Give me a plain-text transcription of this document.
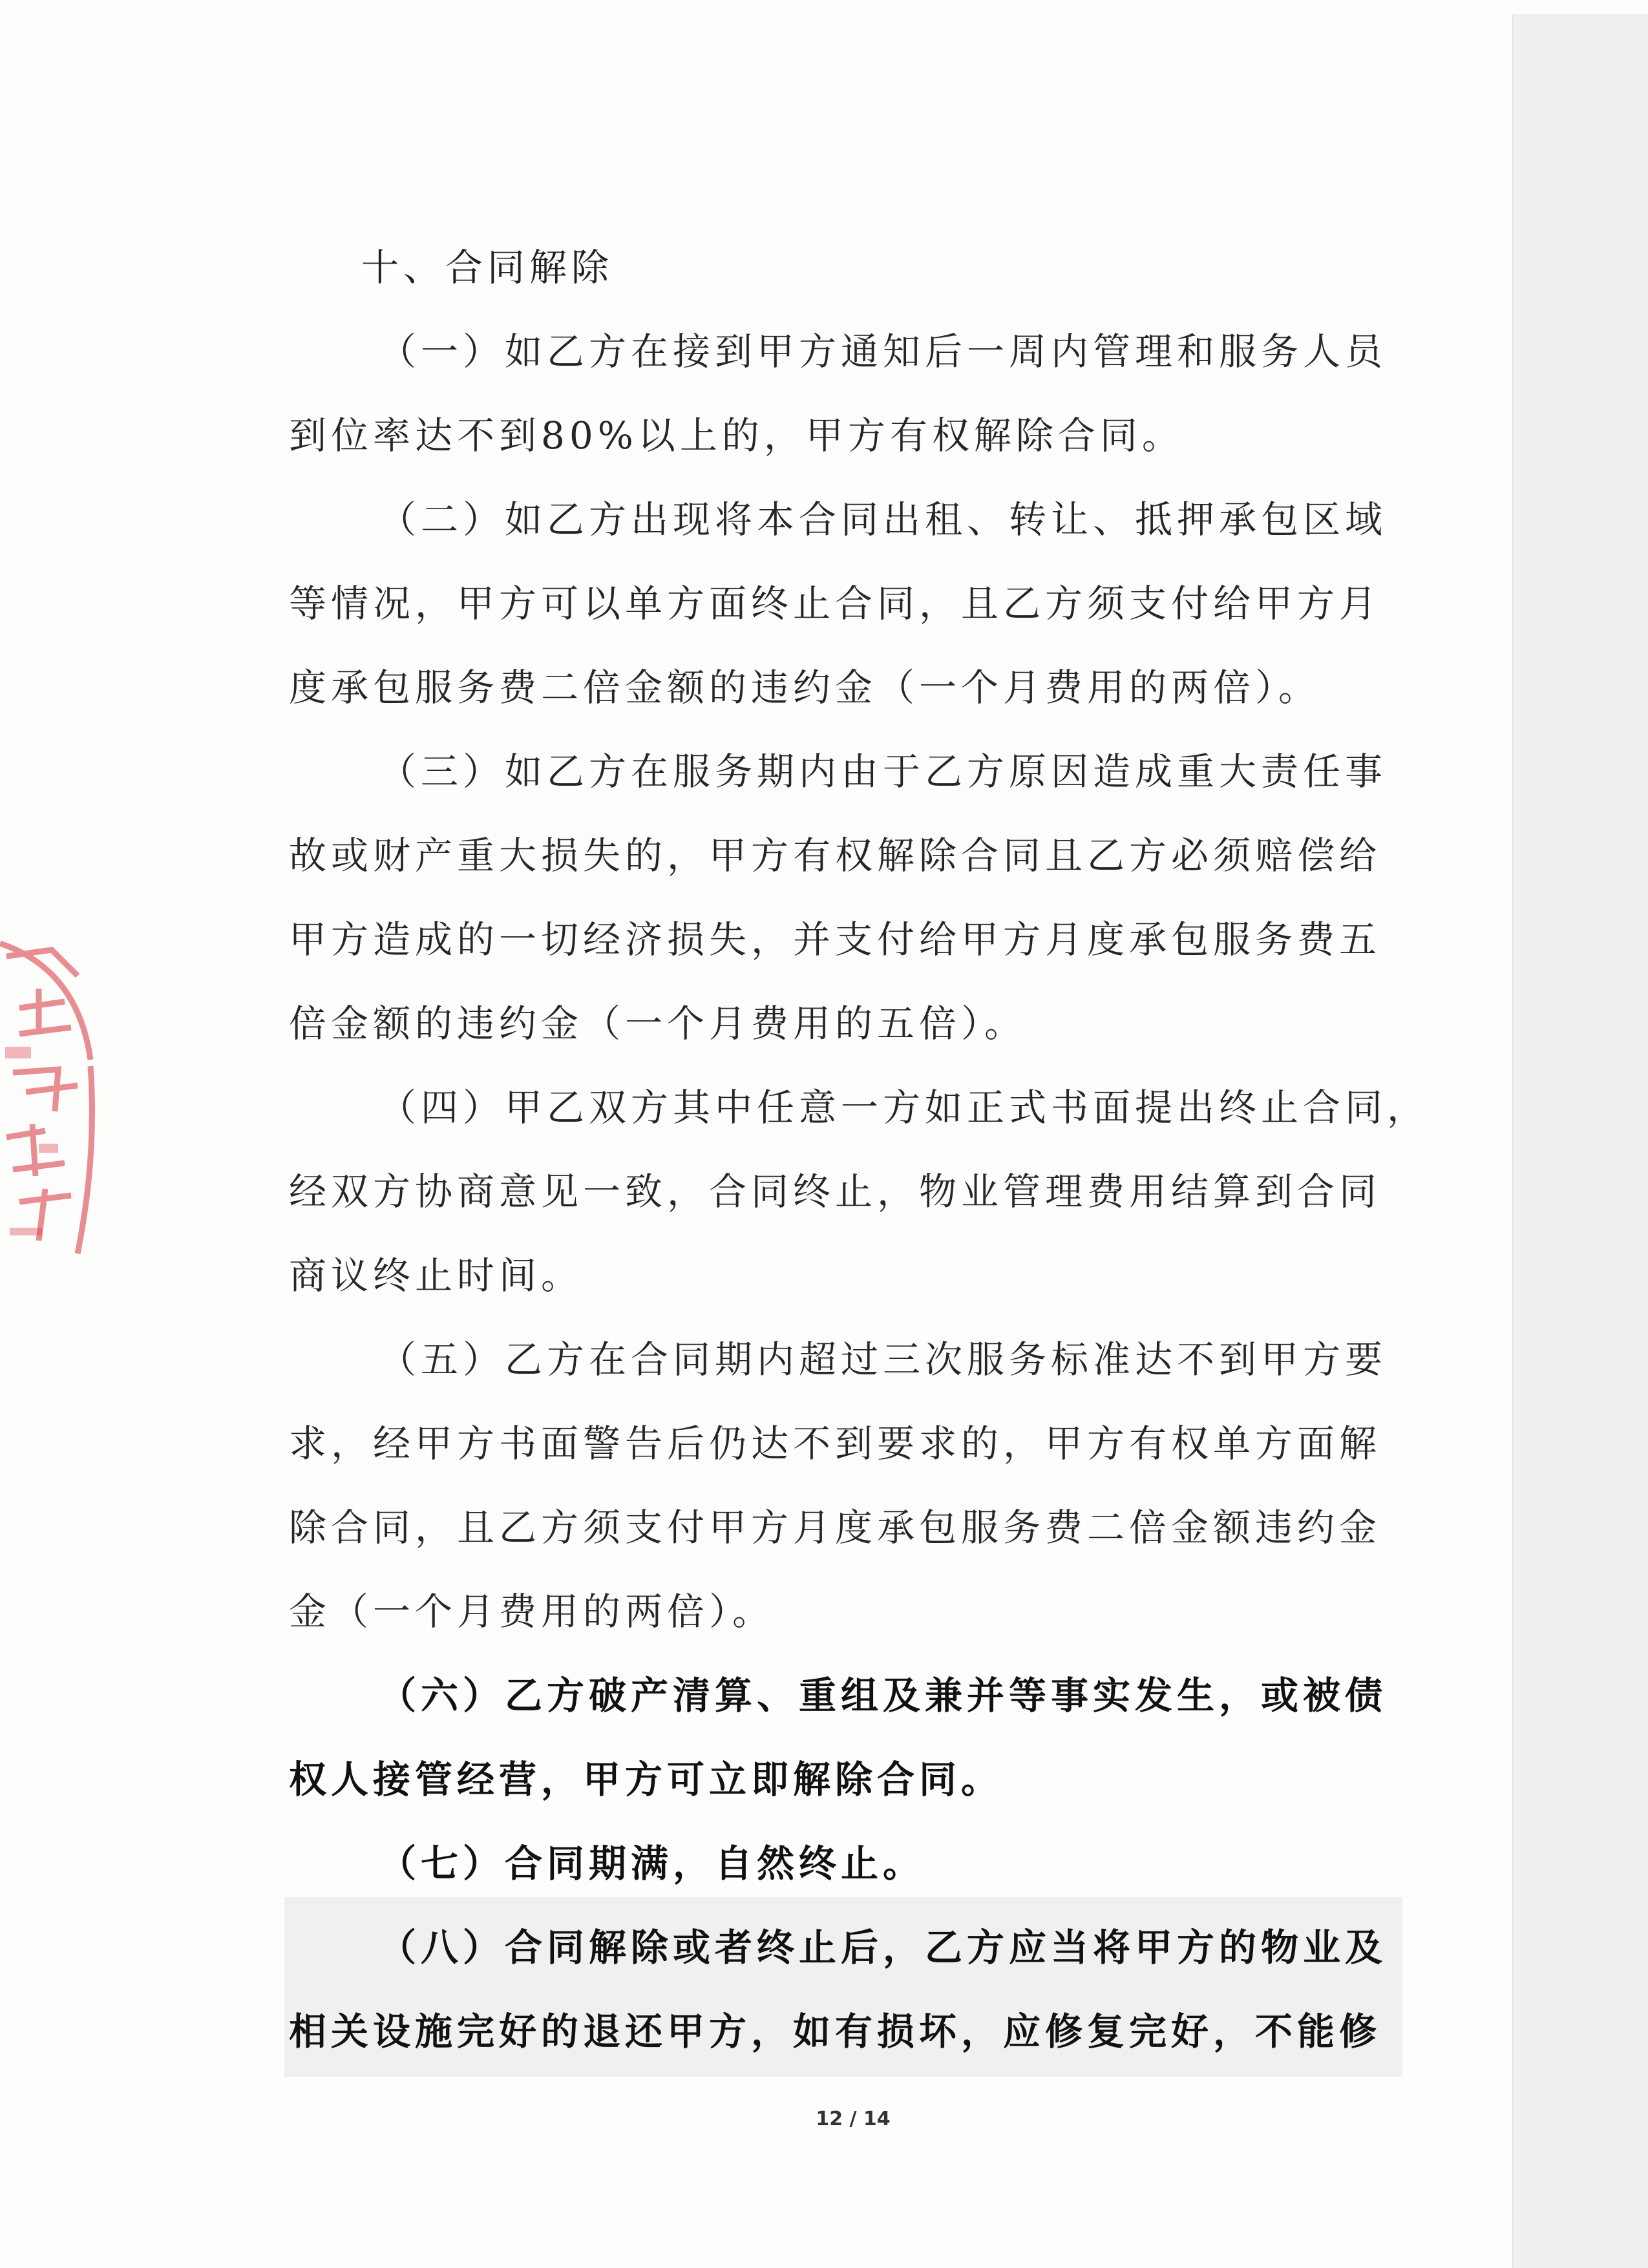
十、合同解除
（一）如乙方在接到甲方通知后一周内管理和服务人员
到位率达不到80%以上的，甲方有权解除合同。
（二）如乙方出现将本合同出租、转让、抵押承包区域
等情况，甲方可以单方面终止合同，且乙方须支付给甲方月
度承包服务费二倍金额的违约金（一个月费用的两倍）。
（三）如乙方在服务期内由于乙方原因造成重大责任事
故或财产重大损失的，甲方有权解除合同且乙方必须赔偿给
甲方造成的一切经济损失，并支付给甲方月度承包服务费五
倍金额的违约金（一个月费用的五倍）。
（四）甲乙双方其中任意一方如正式书面提出终止合同，
经双方协商意见一致，合同终止，物业管理费用结算到合同
商议终止时间。
（五）乙方在合同期内超过三次服务标准达不到甲方要
求，经甲方书面警告后仍达不到要求的，甲方有权单方面解
除合同，且乙方须支付甲方月度承包服务费二倍金额违约金
金（一个月费用的两倍）。
（六）乙方破产清算、重组及兼并等事实发生，或被债
权人接管经营，甲方可立即解除合同。
（七）合同期满，自然终止。
（八）合同解除或者终止后，乙方应当将甲方的物业及
相关设施完好的退还甲方，如有损坏，应修复完好，不能修
12 / 14
